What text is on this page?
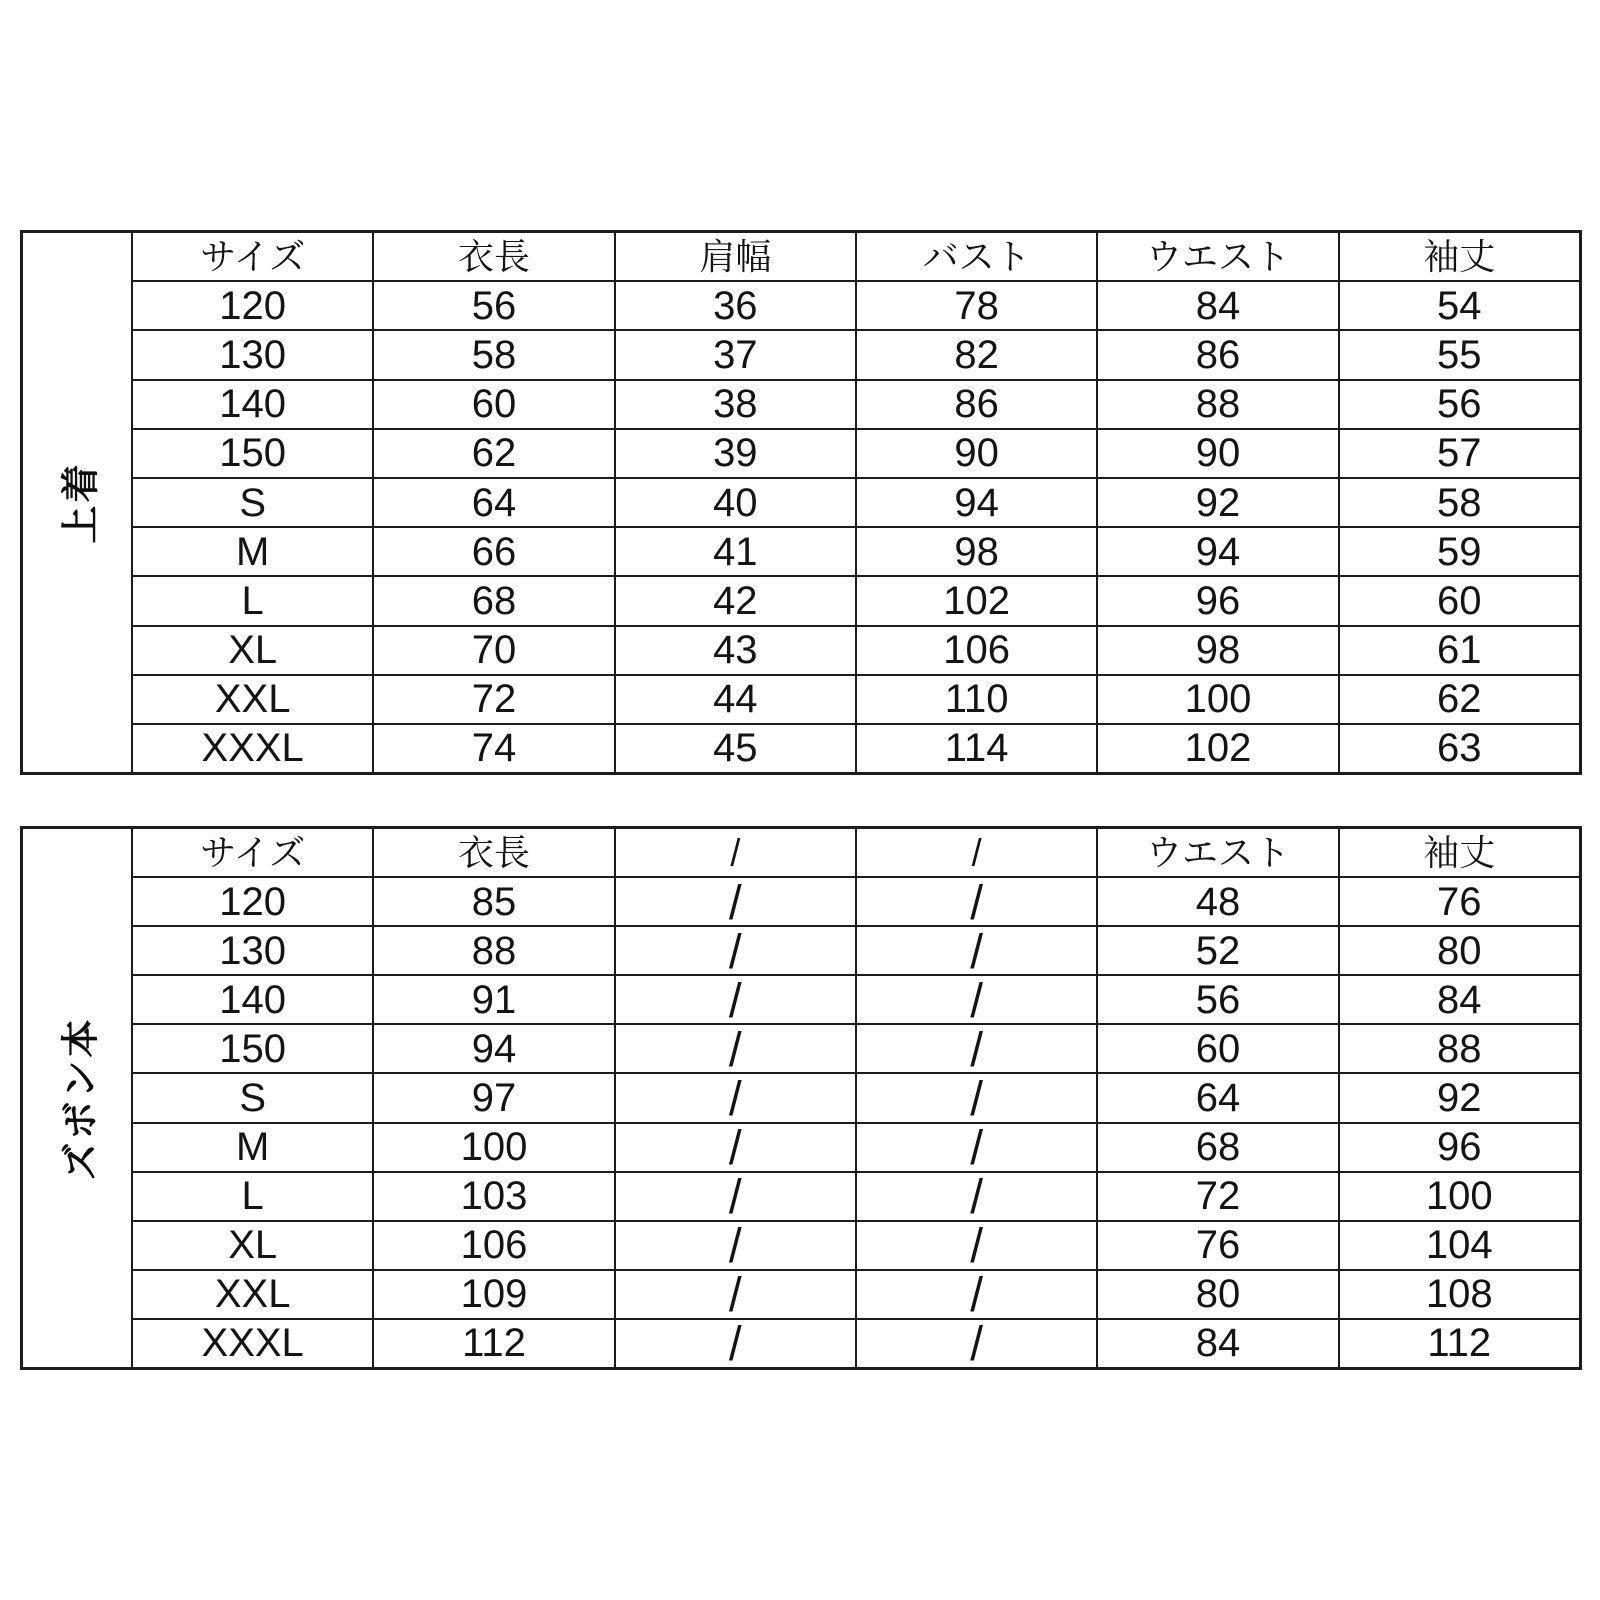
上着
サイズ	衣長	肩幅	バスト	ウエスト	袖丈
120	56	36	78	84	54
130	58	37	82	86	55
140	60	38	86	88	56
150	62	39	90	90	57
S	64	40	94	92	58
M	66	41	98	94	59
L	68	42	102	96	60
XL	70	43	106	98	61
XXL	72	44	110	100	62
XXXL	74	45	114	102	63
ズボン本
サイズ	衣長	/	/	ウエスト	袖丈
120	85	/	/	48	76
130	88	/	/	52	80
140	91	/	/	56	84
150	94	/	/	60	88
S	97	/	/	64	92
M	100	/	/	68	96
L	103	/	/	72	100
XL	106	/	/	76	104
XXL	109	/	/	80	108
XXXL	112	/	/	84	112
